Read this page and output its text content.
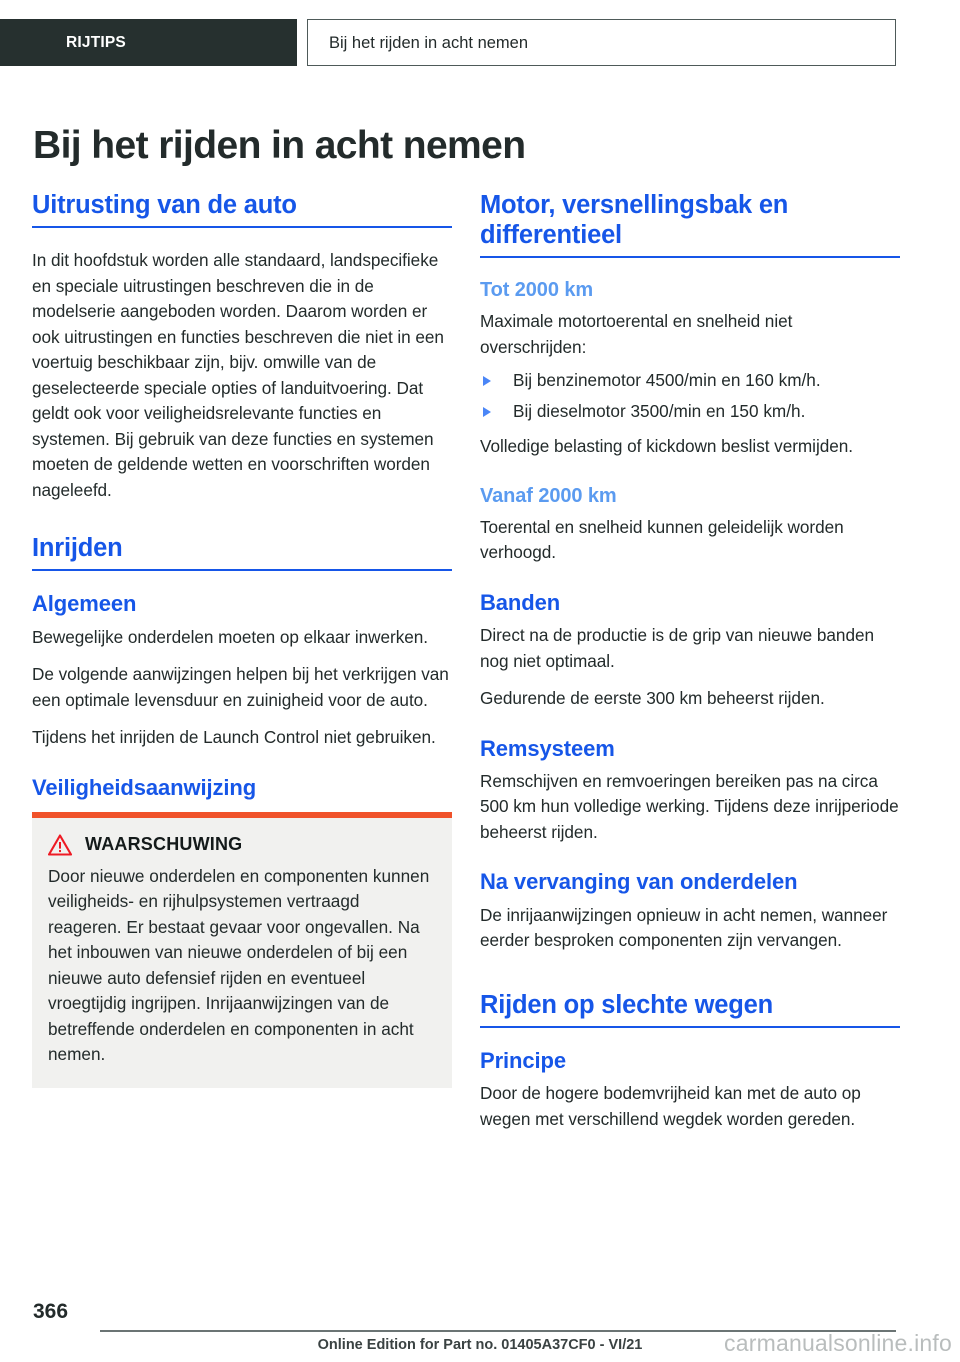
RIJTIPS	Bij het rijden in acht nemen
Bij het rijden in acht nemen
Uitrusting van de auto

In dit hoofdstuk worden alle standaard, landspecifieke en speciale uitrustingen beschreven die in de modelserie aangeboden worden. Daarom worden er ook uitrustingen en functies beschreven die niet in een voertuig beschikbaar zijn, bijv. omwille van de geselecteerde speciale opties of landuitvoering. Dat geldt ook voor veiligheidsrelevante functies en systemen. Bij gebruik van deze functies en systemen moeten de geldende wetten en voorschriften worden nageleefd.

Inrijden
Algemeen

Bewegelijke onderdelen moeten op elkaar inwerken.

De volgende aanwijzingen helpen bij het verkrijgen van een optimale levensduur en zuinigheid voor de auto.

Tijdens het inrijden de Launch Control niet gebruiken.

Veiligheidsaanwijzing
WAARSCHUWING

Door nieuwe onderdelen en componenten kunnen veiligheids- en rijhulpsystemen vertraagd reageren. Er bestaat gevaar voor ongevallen. Na het inbouwen van nieuwe onderdelen of bij een nieuwe auto defensief rijden en eventueel vroegtijdig ingrijpen. Inrijaanwijzingen van de betreffende onderdelen en componenten in acht nemen.

Motor, versnellingsbak en differentieel
Tot 2000 km

Maximale motortoerental en snelheid niet overschrijden:

Bij benzinemotor 4500/min en 160 km/h.
Bij dieselmotor 3500/min en 150 km/h.

Volledige belasting of kickdown beslist vermijden.

Vanaf 2000 km

Toerental en snelheid kunnen geleidelijk worden verhoogd.

Banden

Direct na de productie is de grip van nieuwe banden nog niet optimaal.

Gedurende de eerste 300 km beheerst rijden.

Remsysteem

Remschijven en remvoeringen bereiken pas na circa 500 km hun volledige werking. Tijdens deze inrijperiode beheerst rijden.

Na vervanging van onderdelen

De inrijaanwijzingen opnieuw in acht nemen, wanneer eerder besproken componenten zijn vervangen.

Rijden op slechte wegen
Principe

Door de hogere bodemvrijheid kan met de auto op wegen met verschillend wegdek worden gereden.

366
Online Edition for Part no. 01405A37CF0 - VI/21	carmanualsonline.info
